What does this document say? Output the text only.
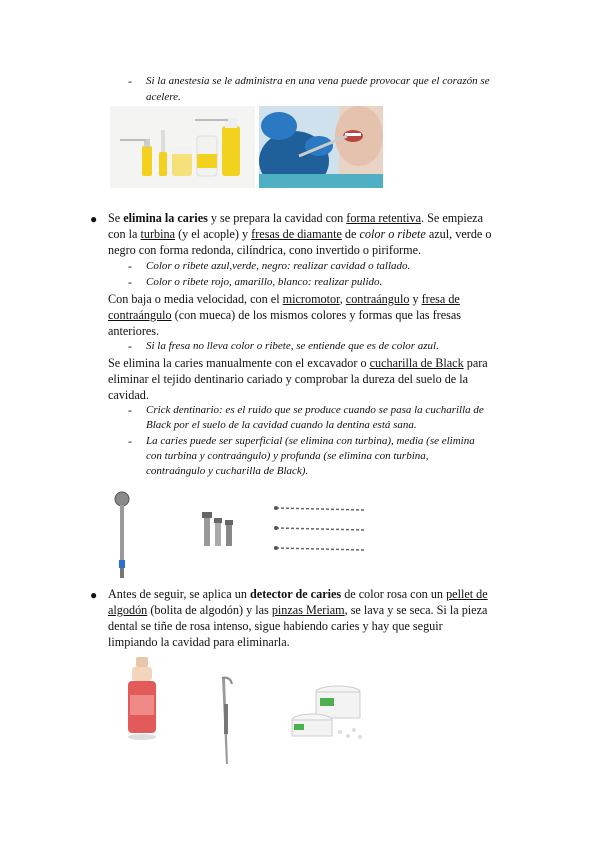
- Si la anestesia se le administra en una vena puede provocar que el corazón se
acelere.
● Se elimina la caries y se prepara la cavidad con forma retentiva. Se empieza
con la turbina (y el acople) y fresas de diamante de color o ribete azul, verde o
negro con forma redonda, cilíndrica, cono invertido o piriforme.
- Color o ribete azul,verde, negro: realizar cavidad o tallado.
- Color o ribete rojo, amarillo, blanco: realizar pulido.
Con baja o media velocidad, con el micromotor, contraángulo y fresa de
contraángulo (con mueca) de los mismos colores y formas que las fresas
anteriores.
- Si la fresa no lleva color o ribete, se entiende que es de color azul.
Se elimina la caries manualmente con el excavador o cucharilla de Black para
eliminar el tejido dentinario cariado y comprobar la dureza del suelo de la
cavidad.
- Crick dentinario: es el ruido que se produce cuando se pasa la cucharilla de
Black por el suelo de la cavidad cuando la dentina está sana.
- La caries puede ser superficial (se elimina con turbina), media (se elimina
con turbina y contraángulo) y profunda (se elimina con turbina,
contraángulo y cucharilla de Black).
● Antes de seguir, se aplica un detector de caries de color rosa con un pellet de
algodón (bolita de algodón) y las pinzas Meriam, se lava y se seca. Si la pieza
dental se tiñe de rosa intenso, sigue habiendo caries y hay que seguir
limpiando la cavidad para eliminarla.
